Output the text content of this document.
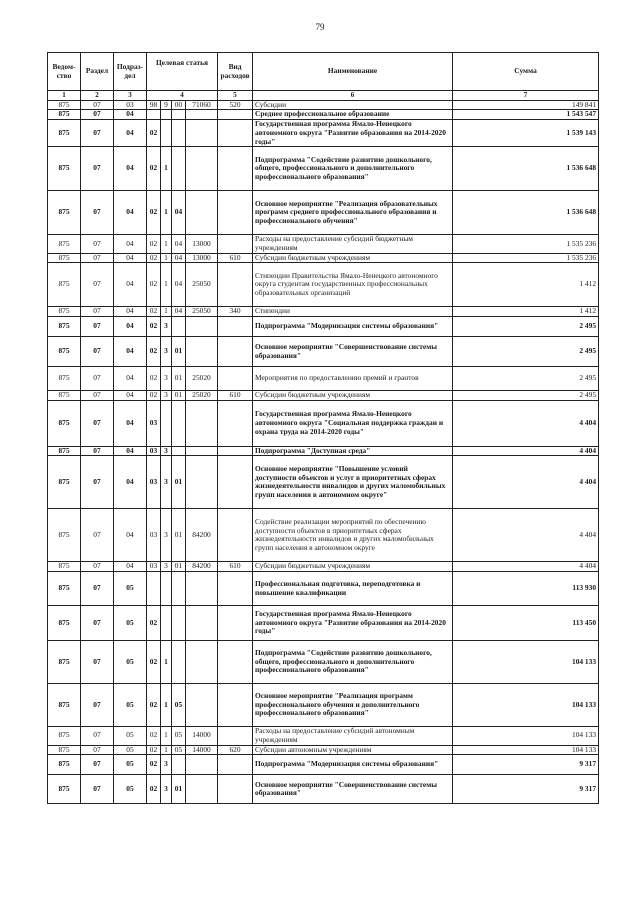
79
Ведом-
ство	Раздел	Подраз-
дел	Целевая статья				Вид
расходов	Наименование	Сумма
1	2	3	4				5	6	7
875	07	03	98	9	00	71060	520	Субсидии	149 841
875	07	04						Среднее профессиональное образование	1 543 547
875	07	04	02					Государственная программа Ямало-Ненецкого автономного округа "Развитие образования на 2014-2020 годы"	1 539 143
875	07	04	02	1				Подпрограмма "Содействие развитию дошкольного, общего, профессионального и дополнительного профессионального образования"	1 536 648
875	07	04	02	1	04			Основное мероприятие "Реализация образовательных программ среднего профессионального образования и профессионального обучения"	1 536 648
875	07	04	02	1	04	13000		Расходы на предоставление субсидий бюджетным учреждениям	1 535 236
875	07	04	02	1	04	13000	610	Субсидии бюджетным учреждениям	1 535 236
875	07	04	02	1	04	25050		Стипендии Правительства Ямало-Ненецкого автономного округа студентам государственных профессиональных образовательных организаций	1 412
875	07	04	02	1	04	25050	340	Стипендии	1 412
875	07	04	02	3				Подпрограмма "Модернизация системы образования"	2 495
875	07	04	02	3	01			Основное мероприятие "Совершенствование системы образования"	2 495
875	07	04	02	3	01	25020		Мероприятия по предоставлению премий и грантов	2 495
875	07	04	02	3	01	25020	610	Субсидии бюджетным учреждениям	2 495
875	07	04	03					Государственная программа Ямало-Ненецкого автономного округа "Социальная поддержка граждан и охрана труда на 2014-2020 годы"	4 404
875	07	04	03	3				Подпрограмма "Доступная среда"	4 404
875	07	04	03	3	01			Основное мероприятие "Повышение условий доступности объектов и услуг в приоритетных сферах жизнедеятельности инвалидов и других маломобильных групп населения в автономном округе"	4 404
875	07	04	03	3	01	84200		Содействие реализации мероприятий по обеспечению доступности объектов в приоритетных сферах жизнедеятельности инвалидов и других маломобильных групп населения в автономном округе	4 404
875	07	04	03	3	01	84200	610	Субсидии бюджетным учреждениям	4 404
875	07	05						Профессиональная подготовка, переподготовка и повышение квалификации	113 930
875	07	05	02					Государственная программа Ямало-Ненецкого автономного округа "Развитие образования на 2014-2020 годы"	113 450
875	07	05	02	1				Подпрограмма "Содействие развитию дошкольного, общего, профессионального и дополнительного профессионального образования"	104 133
875	07	05	02	1	05			Основное мероприятие "Реализация программ профессионального обучения и дополнительного профессионального образования"	104 133
875	07	05	02	1	05	14000		Расходы на предоставление субсидий автономным учреждениям	104 133
875	07	05	02	1	05	14000	620	Субсидии автономным учреждениям	104 133
875	07	05	02	3				Подпрограмма "Модернизация системы образования"	9 317
875	07	05	02	3	01			Основное мероприятие "Совершенствование системы образования"	9 317
